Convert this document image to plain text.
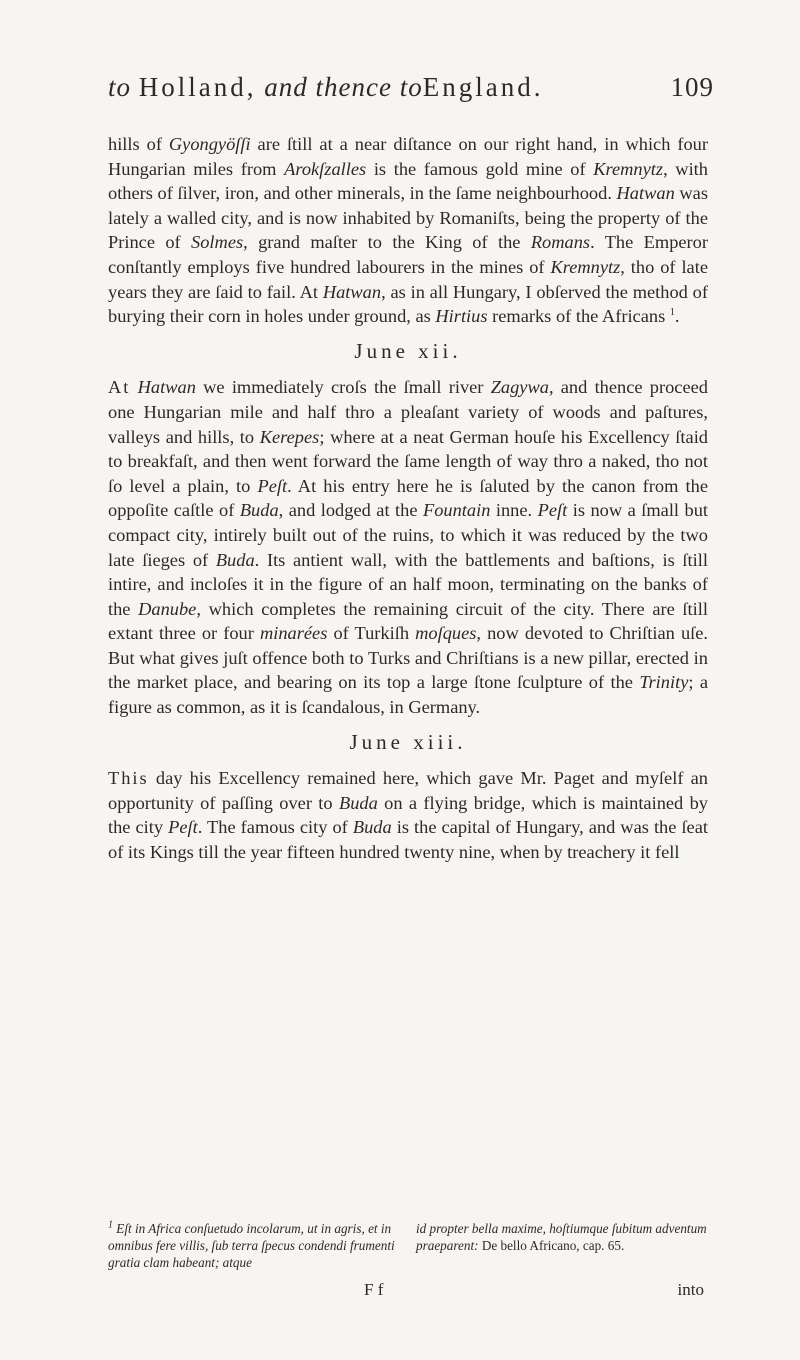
to Holland, and thence toEngland.	109

hills of Gyongyöſſi are ſtill at a near diſtance on our right hand, in which four Hungarian miles from Arokſzalles is the famous gold mine of Kremnytz, with others of ſilver, iron, and other minerals, in the ſame neighbourhood. Hatwan was lately a walled city, and is now inhabited by Romaniſts, being the property of the Prince of Solmes, grand maſter to the King of the Romans. The Emperor conſtantly employs five hundred labourers in the mines of Kremnytz, tho of late years they are ſaid to fail. At Hatwan, as in all Hungary, I obſerved the method of burying their corn in holes under ground, as Hirtius remarks of the Africans $^1$.

June xii.

At Hatwan we immediately croſs the ſmall river Zagywa, and thence proceed one Hungarian mile and half thro a pleaſant variety of woods and paſtures, valleys and hills, to Kerepes; where at a neat German houſe his Excellency ſtaid to breakfaſt, and then went forward the ſame length of way thro a naked, tho not ſo level a plain, to Peſt. At his entry here he is ſaluted by the canon from the oppoſite caſtle of Buda, and lodged at the Fountain inne. Peſt is now a ſmall but compact city, intirely built out of the ruins, to which it was reduced by the two late ſieges of Buda. Its antient wall, with the battlements and baſtions, is ſtill intire, and incloſes it in the figure of an half moon, terminating on the banks of the Danube, which completes the remaining circuit of the city. There are ſtill extant three or four minarées of Turkiſh moſques, now devoted to Chriſtian uſe. But what gives juſt offence both to Turks and Chriſtians is a new pillar, erected in the market place, and bearing on its top a large ſtone ſculpture of the Trinity; a figure as common, as it is ſcandalous, in Germany.

June xiii.

This day his Excellency remained here, which gave Mr. Paget and myſelf an opportunity of paſſing over to Buda on a flying bridge, which is maintained by the city Peſt. The famous city of Buda is the capital of Hungary, and was the ſeat of its Kings till the year fifteen hundred twenty nine, when by treachery it fell

$^1$ Eſt in Africa conſuetudo incolarum, ut in agris, et in omnibus fere villis, ſub terra ſpecus condendi frumenti gratia clam habeant; atque
id propter bella maxime, hoſtiumque ſubitum adventum praeparent: De bello Africano, cap. 65.
F f	into
